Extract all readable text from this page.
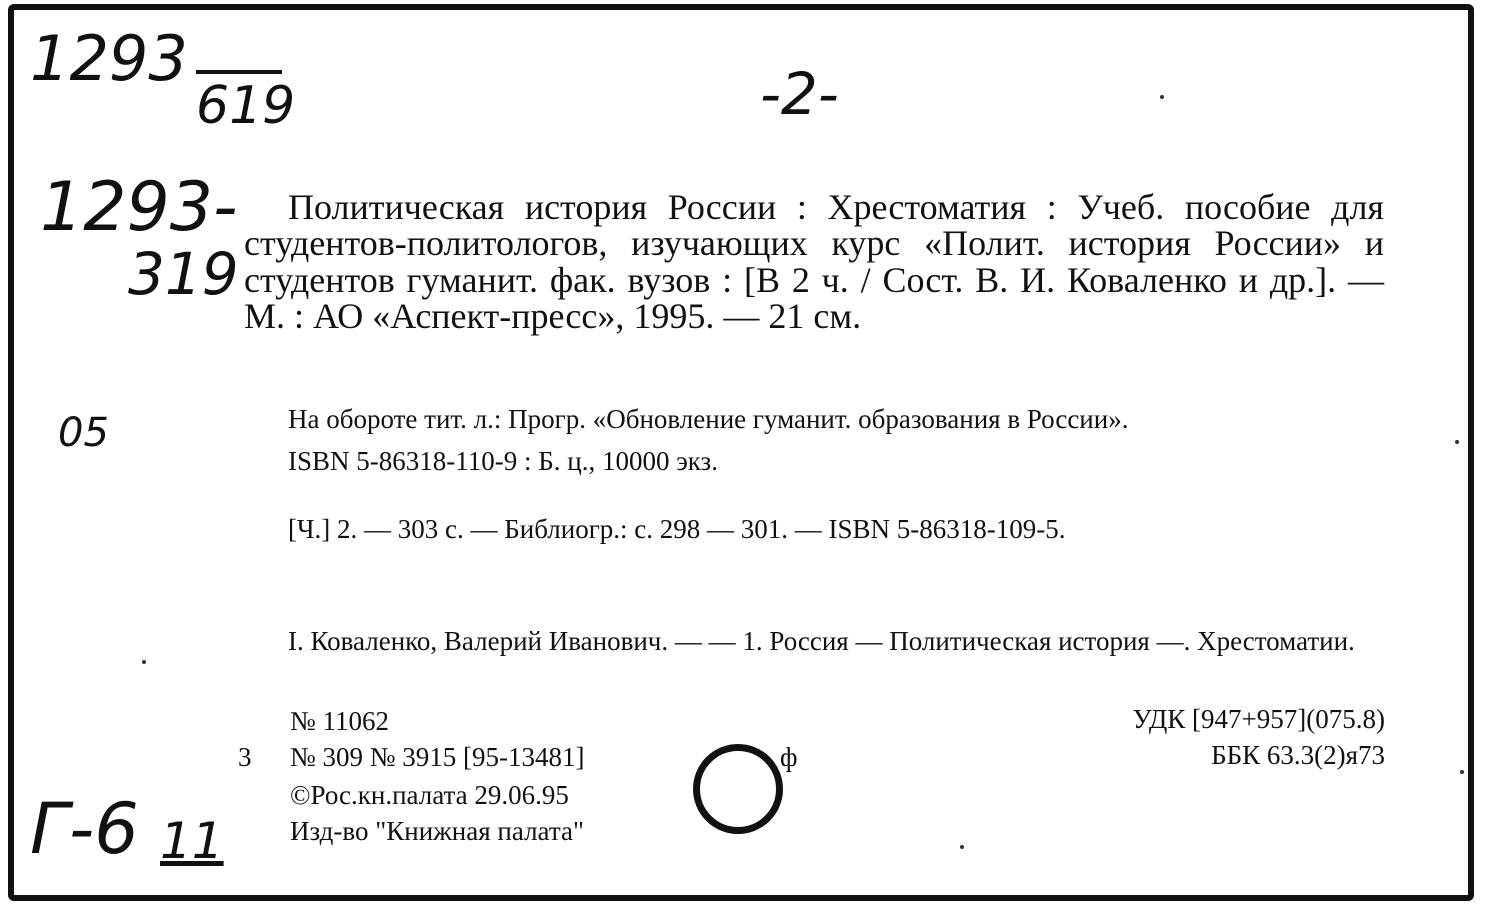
1293
619	-2-
1293-
319
05
Г-6 11

Политическая история России : Хрестоматия : Учеб. пособие для студентов-политологов, изучающих курс «Полит. история России» и студентов гуманит. фак. вузов : [В 2 ч. / Сост. В. И. Коваленко и др.]. — М. : АО «Аспект-пресс», 1995. — 21 см.

На обороте тит. л.: Прогр. «Обновление гуманит. образования в России».

ISBN 5-86318-110-9 : Б. ц., 10000 экз.

[Ч.] 2. — 303 с. — Библиогр.: с. 298 — 301. — ISBN 5-86318-109-5.

I. Коваленко, Валерий Иванович. — — 1. Россия — Политическая история —. Хрестоматии.

№ 11062
3 № 309 № 3915 [95-13481]	ф
©Рос.кн.палата 29.06.95
Изд-во "Книжная палата"
УДК [947+957](075.8)
ББК 63.3(2)я73
